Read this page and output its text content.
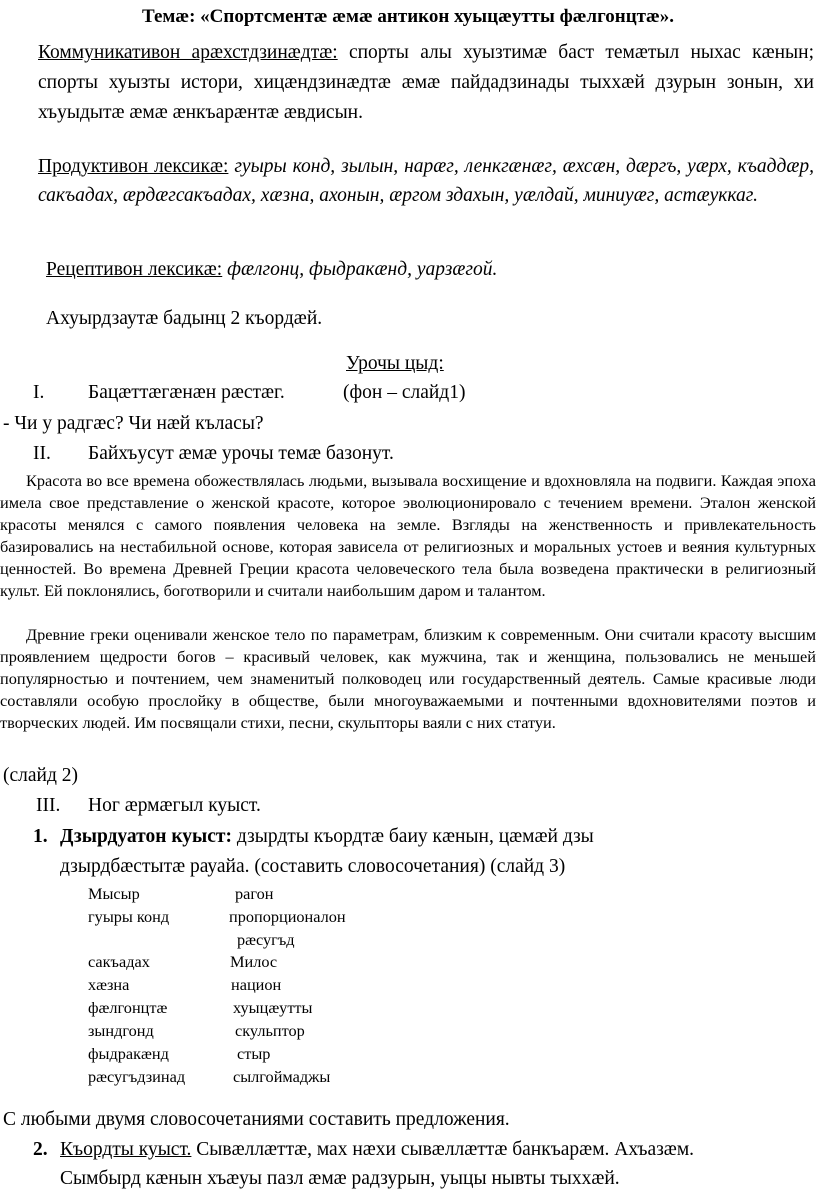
Темæ: «Спортсментæ æмæ антикон хуыцæутты фæлгонцтæ».
Коммуникативон арæхстдзинæдтæ: спорты алы хуызтимæ баст темæтыл ныхас кæнын; спорты хуызты истори, хицæндзинæдтæ æмæ пайдадзинады тыххæй дзурын зонын, хи хъуыдытæ æмæ æнкъарæнтæ æвдисын.
Продуктивон лексикæ: гуыры конд, зылын, нарæг, ленкгæнæг, æхсæн, дæргъ, уæрх, къаддæр, сакъадах, æрдæгсакъадах, хæзна, ахонын, æргом здахын, уæлдай, миниуæг, астæуккаг.
Рецептивон лексикæ: фæлгонц, фыдракæнд, уарзæгой.
Ахуырдзаутæ бадынц 2 къордæй.
Урочы цыд:
I. Бацæттæгæнæн рæстæг.	(фон – слайд1)
- Чи у радгæс? Чи нæй къласы?
II. Байхъусут æмæ урочы темæ базонут.
Красота во все времена обожествлялась людьми, вызывала восхищение и вдохновляла на подвиги. Каждая эпоха имела свое представление о женской красоте, которое эволюционировало с течением времени. Эталон женской красоты менялся с самого появления человека на земле. Взгляды на женственность и привлекательность базировались на нестабильной основе, которая зависела от религиозных и моральных устоев и веяния культурных ценностей. Во времена Древней Греции красота человеческого тела была возведена практически в религиозный культ. Ей поклонялись, боготворили и считали наибольшим даром и талантом.
Древние греки оценивали женское тело по параметрам, близким к современным. Они считали красоту высшим проявлением щедрости богов – красивый человек, как мужчина, так и женщина, пользовались не меньшей популярностью и почтением, чем знаменитый полководец или государственный деятель. Самые красивые люди составляли особую прослойку в обществе, были многоуважаемыми и почтенными вдохновителями поэтов и творческих людей. Им посвящали стихи, песни, скульпторы ваяли с них статуи.
(слайд 2)
III. Ног æрмæгыл куыст.
1. Дзырдуатон куыст: дзырдты къордтæ бaиу кæнын, цæмæй дзы
дзырдбæстытæ рауайа. (составить словосочетания) (слайд 3)
Мысыр
гуыры конд
сакъадах
хæзна
фæлгонцтæ
зындгонд
фыдракæнд
рæсугъдзинад
рагон
пропорционалон
рæсугъд
Милос
национ
хуыцæутты
скульптор
стыр
сылгоймаджы
С любыми двумя словосочетаниями составить предложения.
2. Къордты куыст. Сывæллæттæ, мах нæхи сывæллæттæ банкъарæм. Ахъазæм.
Сымбырд кæнын хъæуы пазл æмæ радзурын, уыцы нывты тыххæй.
